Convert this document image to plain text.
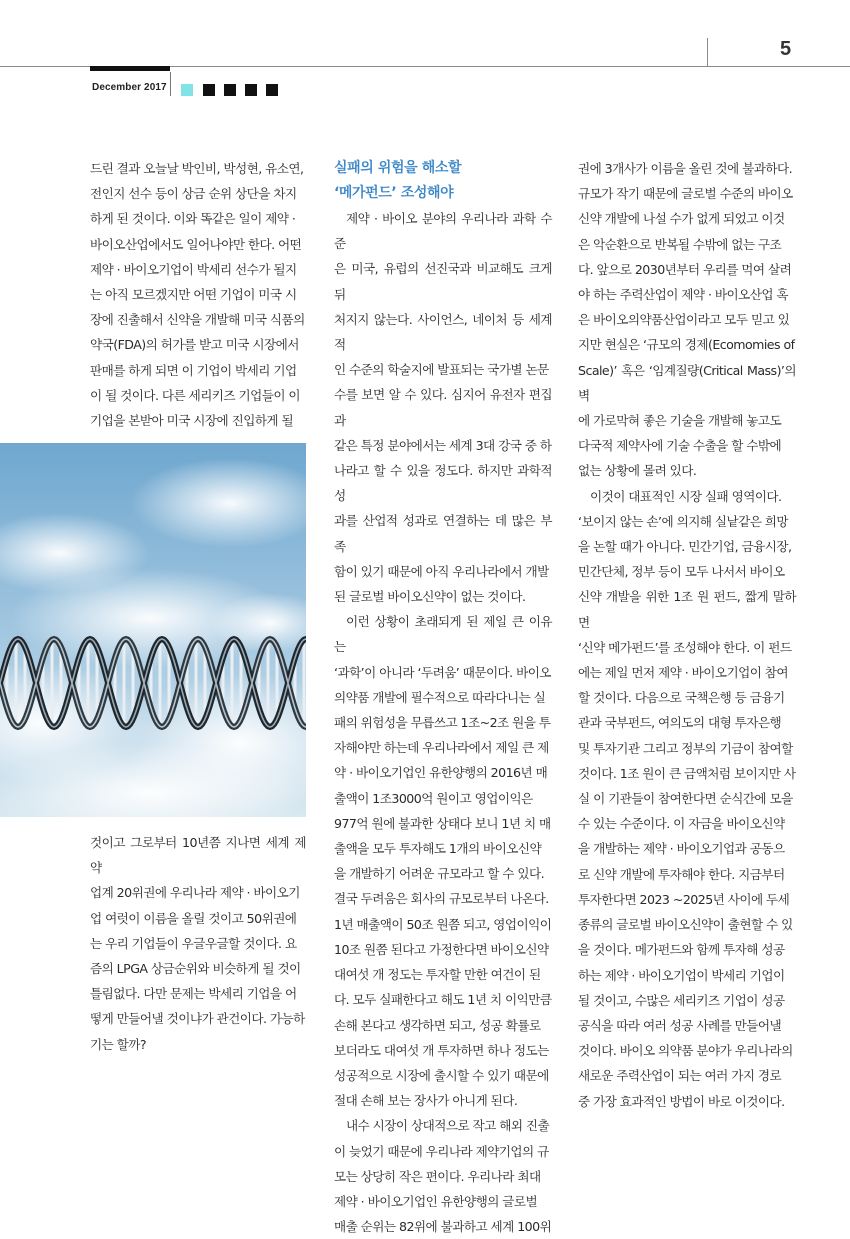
5
December 2017

드린 결과 오늘날 박인비, 박성현, 유소연,

전인지 선수 등이 상금 순위 상단을 차지

하게 된 것이다. 이와 똑같은 일이 제약 ·

바이오산업에서도 일어나야만 한다. 어떤

제약 · 바이오기업이 박세리 선수가 될지

는 아직 모르겠지만 어떤 기업이 미국 시

장에 진출해서 신약을 개발해 미국 식품의

약국(FDA)의 허가를 받고 미국 시장에서

판매를 하게 되면 이 기업이 박세리 기업

이 될 것이다. 다른 세리키즈 기업들이 이

기업을 본받아 미국 시장에 진입하게 될

것이고 그로부터 10년쯤 지나면 세계 제약

업계 20위권에 우리나라 제약 · 바이오기

업 여럿이 이름을 올릴 것이고 50위권에

는 우리 기업들이 우글우글할 것이다. 요

즘의 LPGA 상금순위와 비슷하게 될 것이

틀림없다. 다만 문제는 박세리 기업을 어

떻게 만들어낼 것이냐가 관건이다. 가능하

기는 할까?

실패의 위험을 해소할

‘메가펀드’ 조성해야

제약 · 바이오 분야의 우리나라 과학 수준

은 미국, 유럽의 선진국과 비교해도 크게 뒤

처지지 않는다. 사이언스, 네이처 등 세계적

인 수준의 학술지에 발표되는 국가별 논문

수를 보면 알 수 있다. 심지어 유전자 편집과

같은 특정 분야에서는 세계 3대 강국 중 하

나라고 할 수 있을 정도다. 하지만 과학적 성

과를 산업적 성과로 연결하는 데 많은 부족

함이 있기 때문에 아직 우리나라에서 개발

된 글로벌 바이오신약이 없는 것이다.

이런 상황이 초래되게 된 제일 큰 이유는

‘과학’이 아니라 ‘두려움’ 때문이다. 바이오

의약품 개발에 필수적으로 따라다니는 실

패의 위험성을 무릅쓰고 1조~2조 원을 투

자해야만 하는데 우리나라에서 제일 큰 제

약 · 바이오기업인 유한양행의 2016년 매

출액이 1조3000억 원이고 영업이익은

977억 원에 불과한 상태다 보니 1년 치 매

출액을 모두 투자해도 1개의 바이오신약

을 개발하기 어려운 규모라고 할 수 있다.

결국 두려움은 회사의 규모로부터 나온다.

1년 매출액이 50조 원쯤 되고, 영업이익이

10조 원쯤 된다고 가정한다면 바이오신약

대여섯 개 정도는 투자할 만한 여건이 된

다. 모두 실패한다고 해도 1년 치 이익만큼

손해 본다고 생각하면 되고, 성공 확률로

보더라도 대여섯 개 투자하면 하나 정도는

성공적으로 시장에 출시할 수 있기 때문에

절대 손해 보는 장사가 아니게 된다.

내수 시장이 상대적으로 작고 해외 진출

이 늦었기 때문에 우리나라 제약기업의 규

모는 상당히 작은 편이다. 우리나라 최대

제약 · 바이오기업인 유한양행의 글로벌

매출 순위는 82위에 불과하고 세계 100위

권에 3개사가 이름을 올린 것에 불과하다.

규모가 작기 때문에 글로벌 수준의 바이오

신약 개발에 나설 수가 없게 되었고 이것

은 악순환으로 반복될 수밖에 없는 구조

다. 앞으로 2030년부터 우리를 먹여 살려

야 하는 주력산업이 제약 · 바이오산업 혹

은 바이오의약품산업이라고 모두 믿고 있

지만 현실은 ‘규모의 경제(Ecomomies of

Scale)’ 혹은 ‘임계질량(Critical Mass)’의 벽

에 가로막혀 좋은 기술을 개발해 놓고도

다국적 제약사에 기술 수출을 할 수밖에

없는 상황에 몰려 있다.

이것이 대표적인 시장 실패 영역이다.

‘보이지 않는 손’에 의지해 실낱같은 희망

을 논할 때가 아니다. 민간기업, 금융시장,

민간단체, 정부 등이 모두 나서서 바이오

신약 개발을 위한 1조 원 펀드, 짧게 말하면

‘신약 메가펀드’를 조성해야 한다. 이 펀드

에는 제일 먼저 제약 · 바이오기업이 참여

할 것이다. 다음으로 국책은행 등 금융기

관과 국부펀드, 여의도의 대형 투자은행

및 투자기관 그리고 정부의 기금이 참여할

것이다. 1조 원이 큰 금액처럼 보이지만 사

실 이 기관들이 참여한다면 순식간에 모을

수 있는 수준이다. 이 자금을 바이오신약

을 개발하는 제약 · 바이오기업과 공동으

로 신약 개발에 투자해야 한다. 지금부터

투자한다면 2023 ~2025년 사이에 두세

종류의 글로벌 바이오신약이 출현할 수 있

을 것이다. 메가펀드와 함께 투자해 성공

하는 제약 · 바이오기업이 박세리 기업이

될 것이고, 수많은 세리키즈 기업이 성공

공식을 따라 여러 성공 사례를 만들어낼

것이다. 바이오 의약품 분야가 우리나라의

새로운 주력산업이 되는 여러 가지 경로

중 가장 효과적인 방법이 바로 이것이다.
